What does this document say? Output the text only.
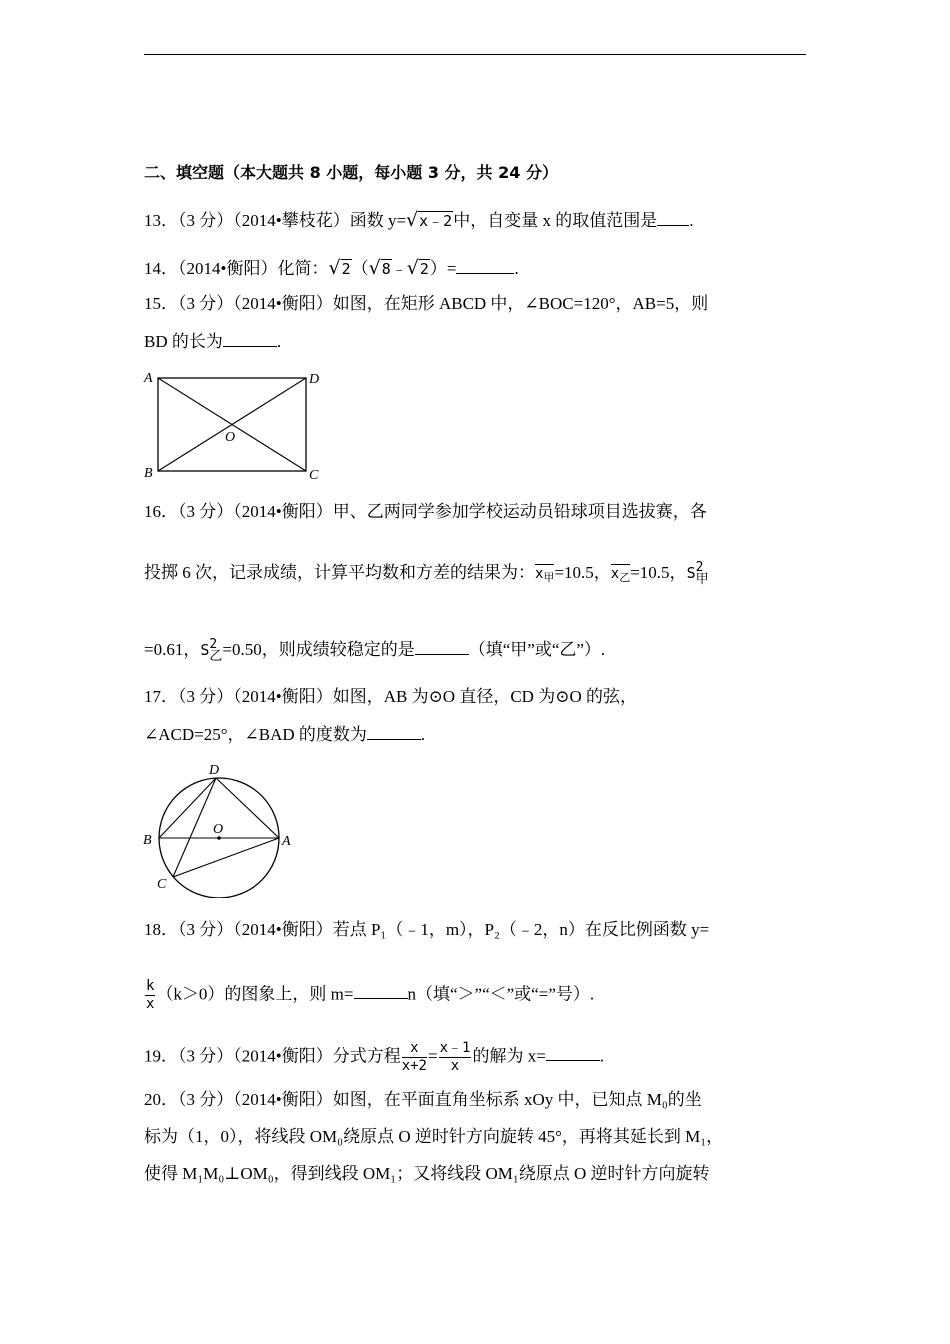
二、填空题（本大题共 8 小题，每小题 3 分，共 24 分）
13．（3 分）（2014•攀枝花）函数 y=√x﹣2中，自变量 x 的取值范围是 .
14．（2014•衡阳）化简：√2（√8﹣√2）=	.
15．（3 分）（2014•衡阳）如图，在矩形 ABCD 中，∠BOC=120°，AB=5，则
BD 的长为	.
A	D
B	C
O
16．（3 分）（2014•衡阳）甲、乙两同学参加学校运动员铅球项目选拔赛，各
投掷 6 次，记录成绩，计算平均数和方差的结果为：$x_甲=10.5$，$x_乙=10.5$，S 2
甲
=0.61，S 2
乙 =0.50，则成绩较稳定的是	（填“甲”或“乙”）.
17．（3 分）（2014•衡阳）如图，AB 为⊙O 直径，CD 为⊙O 的弦，
∠ACD=25°，∠BAD 的度数为	.
D
O
B	A
C
18．（3 分）（2014•衡阳）若点 P₁（﹣1，m），P₂（﹣2，n）在反比例函数 y=
$\frac{k}{x} (k>0)$的图象上，则 m=	n（填“＞”“＜”或“=”号）.
19．（3 分）（2014•衡阳）分式方程 $\frac{x}{x+2} = \frac{x﹣1}{x}$ 的解为 x=	.
20．（3 分）（2014•衡阳）如图，在平面直角坐标系 xOy 中，已知点 M₀的坐
标为（1，0），将线段 OM₀绕原点 O 逆时针方向旋转 45°，再将其延长到 M₁，
使得 M₁M₀⊥OM₀，得到线段 OM₁；又将线段 OM₁绕原点 O 逆时针方向旋转
